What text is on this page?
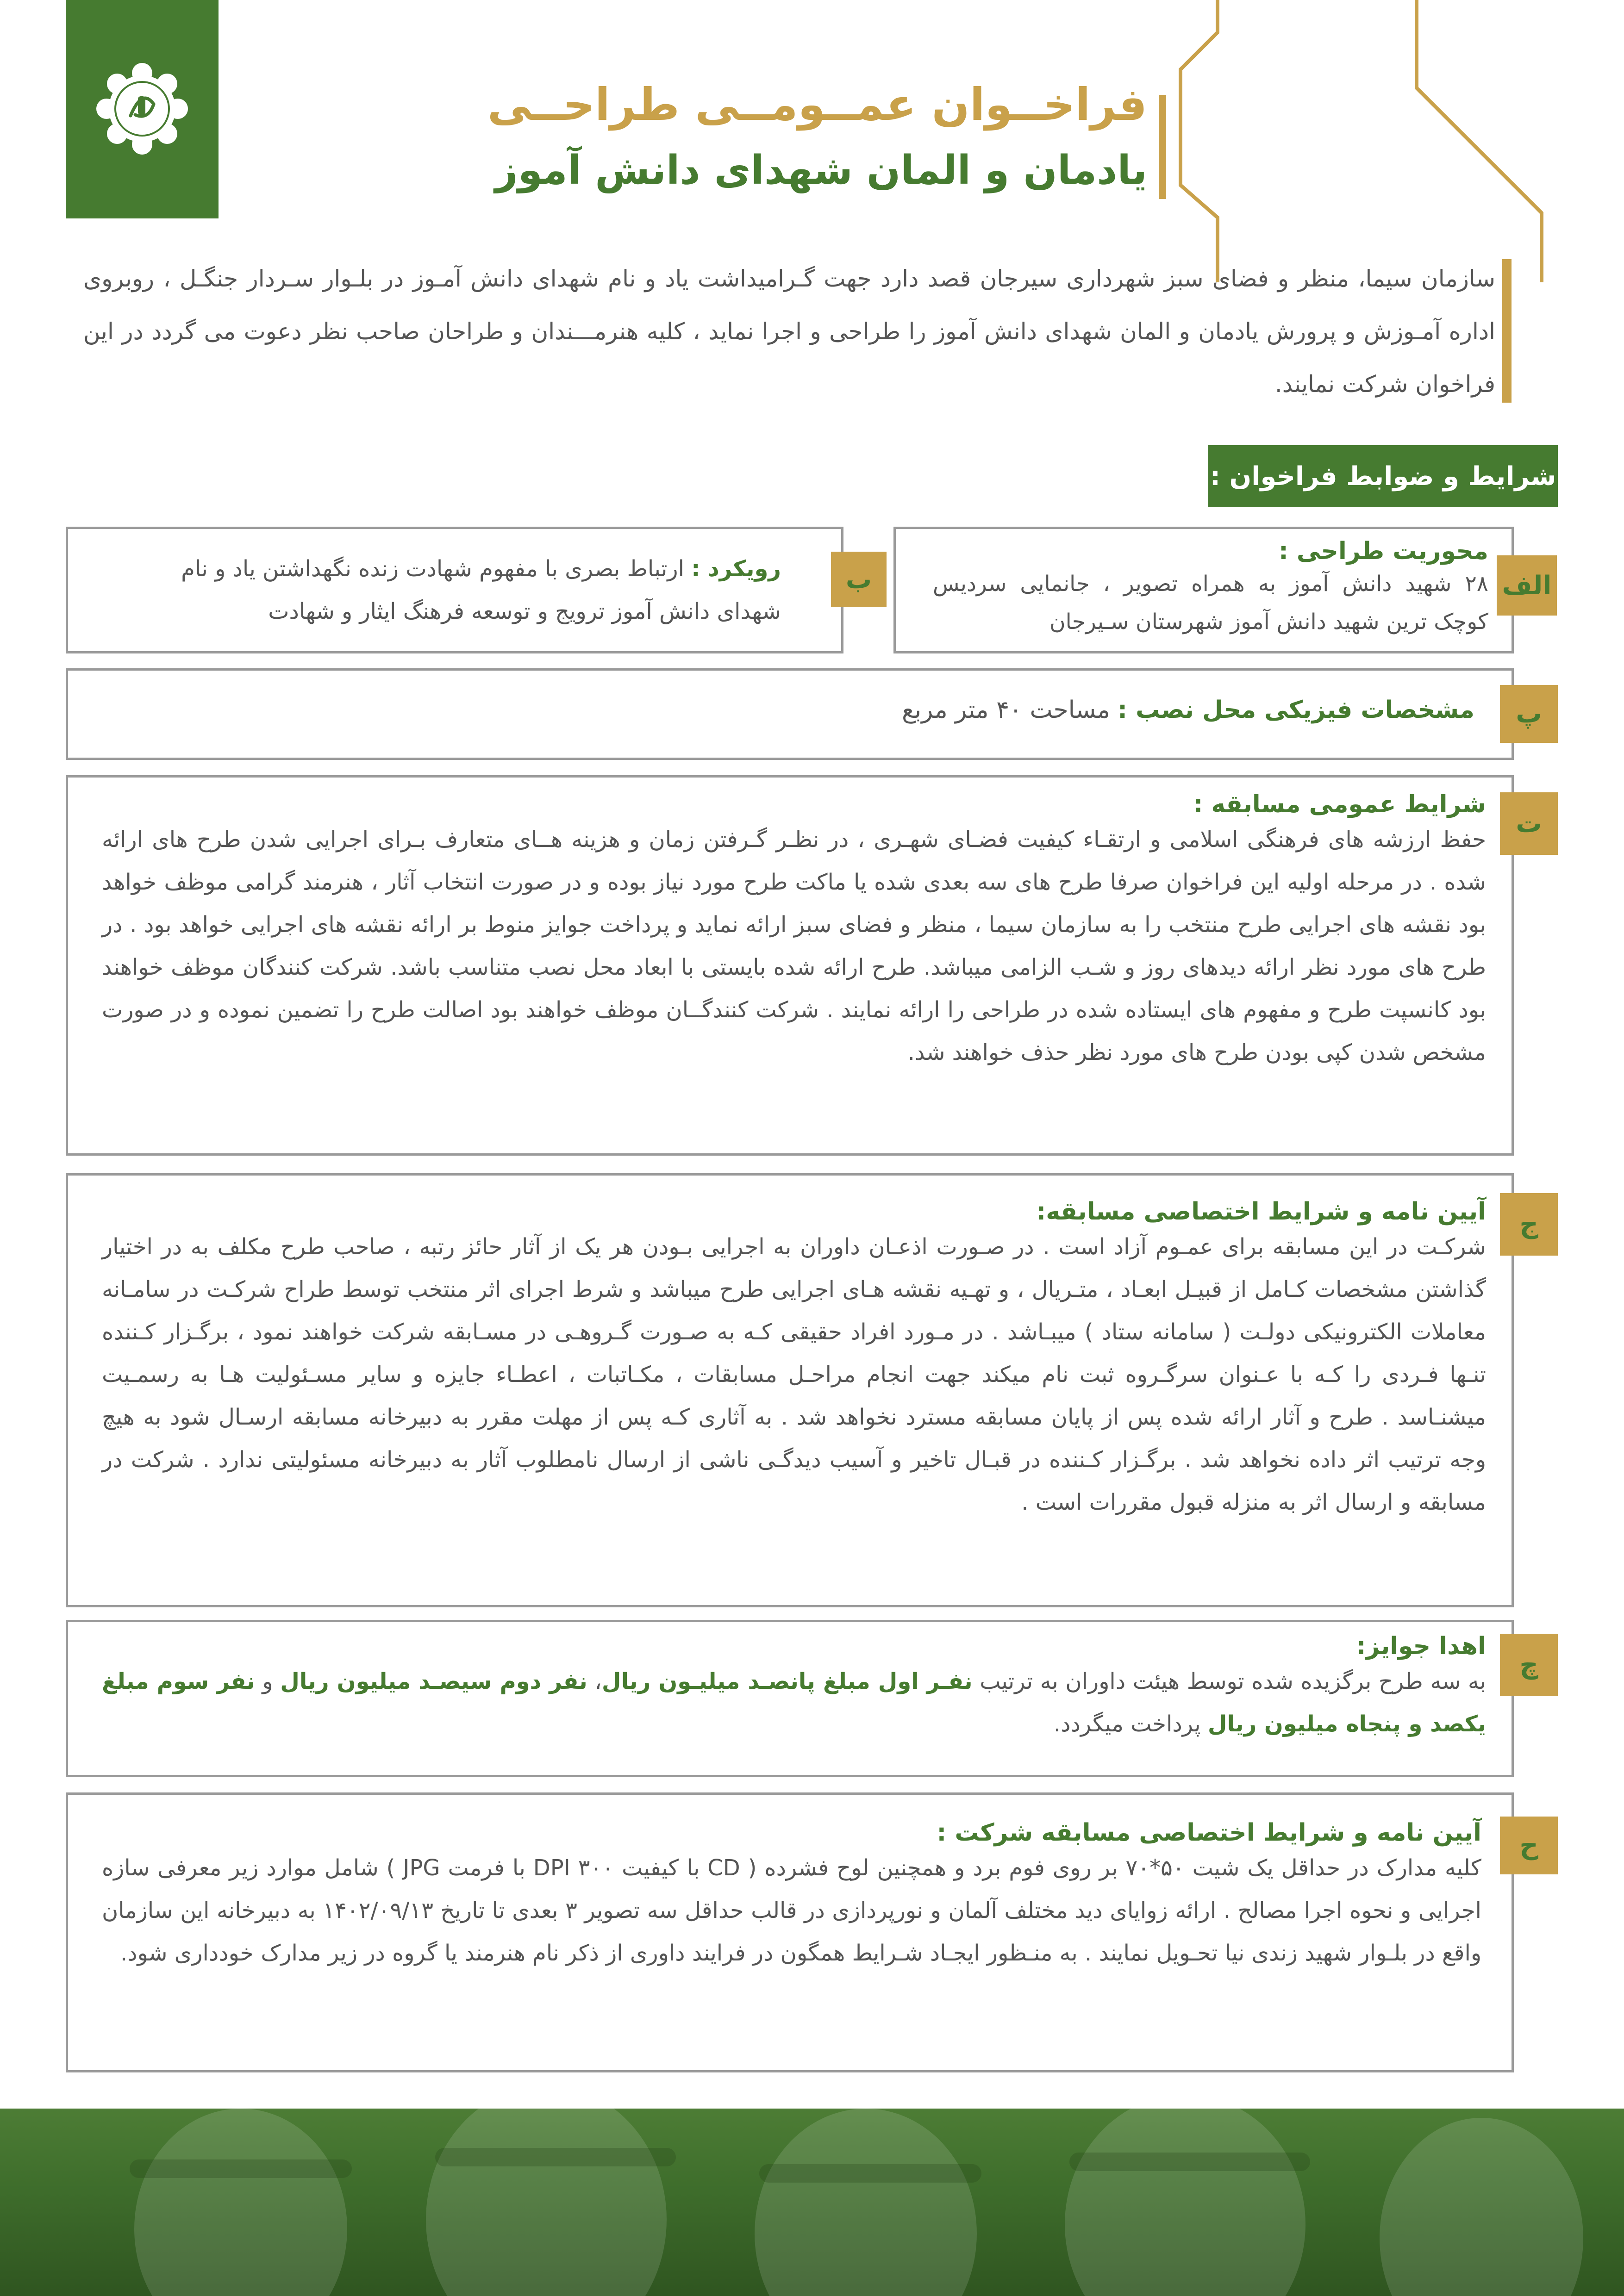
فراخــوان عمــومــی طراحــی
یادمان و المان شهدای دانش آموز
سازمان سیما، منظر و فضای سبز شهرداری سیرجان قصد دارد جهت گـرامیداشت یاد و نام شهدای دانش آمـوز در بلـوار سـردار جنگـل ، روبروی اداره آمـوزش و پرورش یادمان و المان شهدای دانش آموز را طراحی و اجرا نماید ، کلیه هنرمـــندان و طراحان صاحب نظر دعوت می گردد در این فراخوان شرکت نمایند.
شرایط و ضوابط فراخوان :
محوریت طراحی :
۲۸ شهید دانش آموز به همراه تصویر ، جانمایی سردیس کوچک ترین شهید دانش آموز شهرستان سـیرجان
الف
رویکرد : ارتباط بصری با مفهوم شهادت زنده نگهداشتن یاد و نام شهدای دانش آموز ترویج و توسعه فرهنگ ایثار و شهادت
ب
مشخصات فیزیکی محل نصب : مساحت ۴۰ متر مربع	پ
شرایط عمومی مسابقه :
حفظ ارزشه های فرهنگی اسلامی و ارتقـاء کیفیت فضـای شهـری ، در نظـر گـرفتن زمان و هزینه هــای متعارف بـرای اجرایی شدن طرح های ارائه شده . در مرحله اولیه این فراخوان صرفا طرح های سه بعدی شده یا ماکت طرح مورد نیاز بوده و در صورت انتخاب آثار ، هنرمند گرامی موظف خواهد بود نقشه های اجرایی طرح منتخب را به سازمان سیما ، منظر و فضای سبز ارائه نماید و پرداخت جوایز منوط بر ارائه نقشه های اجرایی خواهد بود . در طرح های مورد نظر ارائه دیدهای روز و شـب الزامی میباشد. طرح ارائه شده بایستی با ابعاد محل نصب متناسب باشد. شرکت کنندگان موظف خواهند بود کانسپت طرح و مفهوم های ایستاده شده در طراحی را ارائه نمایند . شرکت کنندگــان موظف خواهند بود اصالت طرح را تضمین نموده و در صورت مشخص شدن کپی بودن طرح های مورد نظر حذف خواهند شد.
ت
آیین نامه و شرایط اختصاصی مسابقه:
شرکـت در این مسابقه برای عمـوم آزاد است . در صـورت اذعـان داوران به اجرایی بـودن هر یک از آثار حائز رتبه ، صاحب طرح مکلف به در اختیار گذاشتن مشخصات کـامل از قبیـل ابعـاد ، متـریال ، و تهـیه نقشه هـای اجرایی طرح میباشد و شرط اجرای اثر منتخب توسط طراح شرکـت در سامـانه معاملات الکترونیکی دولـت ( سامانه ستاد ) میبـاشد . در مـورد افراد حقیقی کـه به صـورت گـروهـی در مسـابقه شرکت خواهند نمود ، برگـزار کـننده تنـها فـردی را کـه با عـنوان سرگـروه ثبت نام میکند جهت انجام مراحـل مسابقات ، مکـاتبات ، اعطـاء جایزه و سایر مسـئولیت هـا به رسمـیت میشنـاسد . طرح و آثار ارائه شده پس از پایان مسابقه مسترد نخواهد شد . به آثاری کـه پس از مهلت مقرر به دبیرخانه مسابقه ارسـال شود به هیچ وجه ترتیب اثر داده نخواهد شد . برگـزار کـننده در قبـال تاخیر و آسیب دیدگـی ناشی از ارسال نامطلوب آثار به دبیرخانه مسئولیتی ندارد . شرکت در مسابقه و ارسال اثر به منزله قبول مقررات است .
ج
اهدا جوایز:
به سه طرح برگزیده شده توسط هیئت داوران به ترتیب نفـر اول مبلغ پانصـد میلیـون ریال، نفر دوم سیصـد میلیون ریال و نفر سوم مبلغ یکصد و پنجاه میلیون ریال پرداخت میگردد.
چ
آیین نامه و شرایط اختصاصی مسابقه شرکت :
کلیه مدارک در حداقل یک شیت ۵۰*۷۰ بر روی فوم برد و همچنین لوح فشرده ( CD با کیفیت DPI ۳۰۰ با فرمت JPG ) شامل موارد زیر معرفی سازه اجرایی و نحوه اجرا مصالح . ارائه زوایای دید مختلف آلمان و نورپردازی در قالب حداقل سه تصویر ۳ بعدی تا تاریخ ۱۴۰۲/۰۹/۱۳ به دبیرخانه این سازمان واقع در بلـوار شهید زندی نیا تحـویل نمایند . به منـظور ایجـاد شـرایط همگون در فرایند داوری از ذکر نام هنرمند یا گروه در زیر مدارک خودداری شود.
ح
